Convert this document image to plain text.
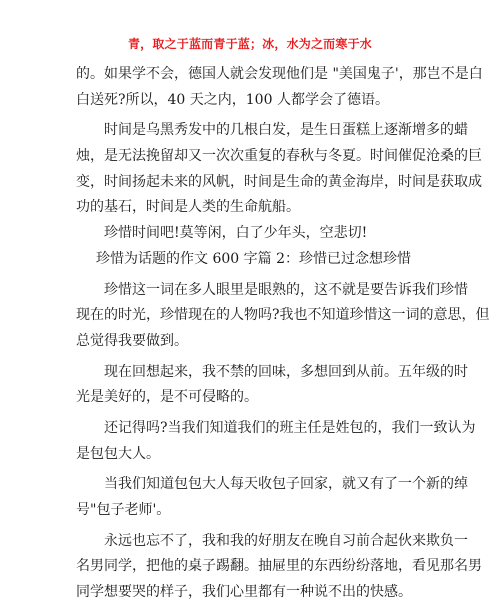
青，取之于蓝而青于蓝；冰，水为之而寒于水
的。如果学不会，德国人就会发现他们是 "美国鬼子'，那岂不是白
白送死?所以，40 天之内，100 人都学会了德语。
时间是乌黑秀发中的几根白发，是生日蛋糕上逐渐增多的蜡
烛，是无法挽留却又一次次重复的春秋与冬夏。时间催促沧桑的巨
变，时间扬起未来的风帆，时间是生命的黄金海岸，时间是获取成
功的基石，时间是人类的生命航船。
珍惜时间吧!莫等闲，白了少年头，空悲切!
珍惜为话题的作文 600 字篇 2：珍惜已过念想珍惜
珍惜这一词在多人眼里是眼熟的，这不就是要告诉我们珍惜
现在的时光，珍惜现在的人物吗?我也不知道珍惜这一词的意思，但
总觉得我要做到。
现在回想起来，我不禁的回味，多想回到从前。五年级的时
光是美好的，是不可侵略的。
还记得吗?当我们知道我们的班主任是姓包的，我们一致认为
是包包大人。
当我们知道包包大人每天收包子回家，就又有了一个新的绰
号"包子老师'。
永远也忘不了，我和我的好朋友在晚自习前合起伙来欺负一
名男同学，把他的桌子踢翻。抽屉里的东西纷纷落地，看见那名男
同学想要哭的样子，我们心里都有一种说不出的快感。
